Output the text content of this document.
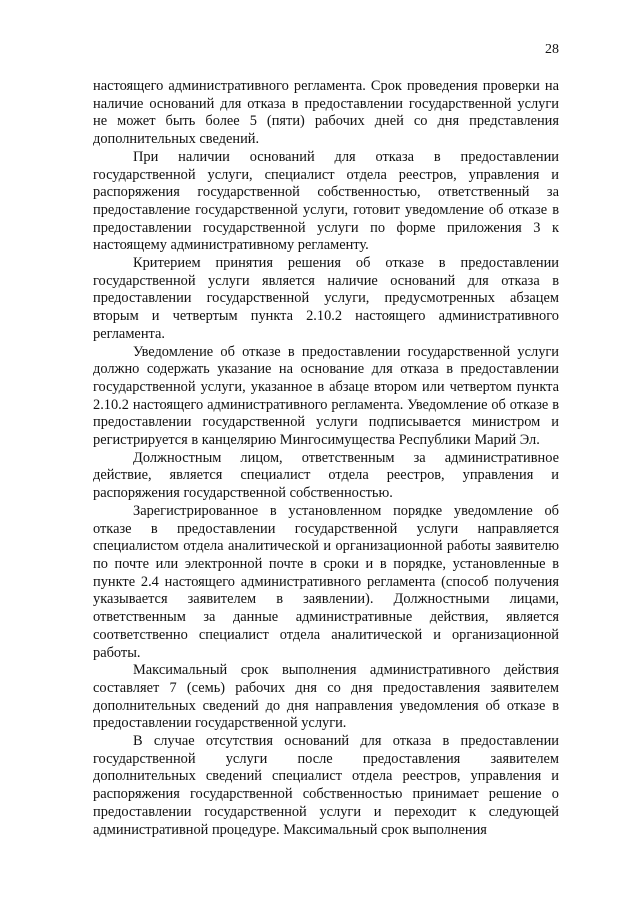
28

настоящего административного регламента. Срок проведения проверки на наличие оснований для отказа в предоставлении государственной услуги не может быть более 5 (пяти) рабочих дней со дня представления дополнительных сведений.

При наличии оснований для отказа в предоставлении государственной услуги, специалист отдела реестров, управления и распоряжения государственной собственностью, ответственный за предоставление государственной услуги, готовит уведомление об отказе в предоставлении государственной услуги по форме приложения 3 к настоящему административному регламенту.

Критерием принятия решения об отказе в предоставлении государственной услуги является наличие оснований для отказа в предоставлении государственной услуги, предусмотренных абзацем вторым и четвертым пункта 2.10.2 настоящего административного регламента.

Уведомление об отказе в предоставлении государственной услуги должно содержать указание на основание для отказа в предоставлении государственной услуги, указанное в абзаце втором или четвертом пункта 2.10.2 настоящего административного регламента. Уведомление об отказе в предоставлении государственной услуги подписывается министром и регистрируется в канцелярию Мингосимущества Республики Марий Эл.

Должностным лицом, ответственным за административное действие, является специалист отдела реестров, управления и распоряжения государственной собственностью.

Зарегистрированное в установленном порядке уведомление об отказе в предоставлении государственной услуги направляется специалистом отдела аналитической и организационной работы заявителю по почте или электронной почте в сроки и в порядке, установленные в пункте 2.4 настоящего административного регламента (способ получения указывается заявителем в заявлении). Должностными лицами, ответственным за данные административные действия, является соответственно специалист отдела аналитической и организационной работы.

Максимальный срок выполнения административного действия составляет 7 (семь) рабочих дня со дня предоставления заявителем дополнительных сведений до дня направления уведомления об отказе в предоставлении государственной услуги.

В случае отсутствия оснований для отказа в предоставлении государственной услуги после предоставления заявителем дополнительных сведений специалист отдела реестров, управления и распоряжения государственной собственностью принимает решение о предоставлении государственной услуги и переходит к следующей административной процедуре. Максимальный срок выполнения
